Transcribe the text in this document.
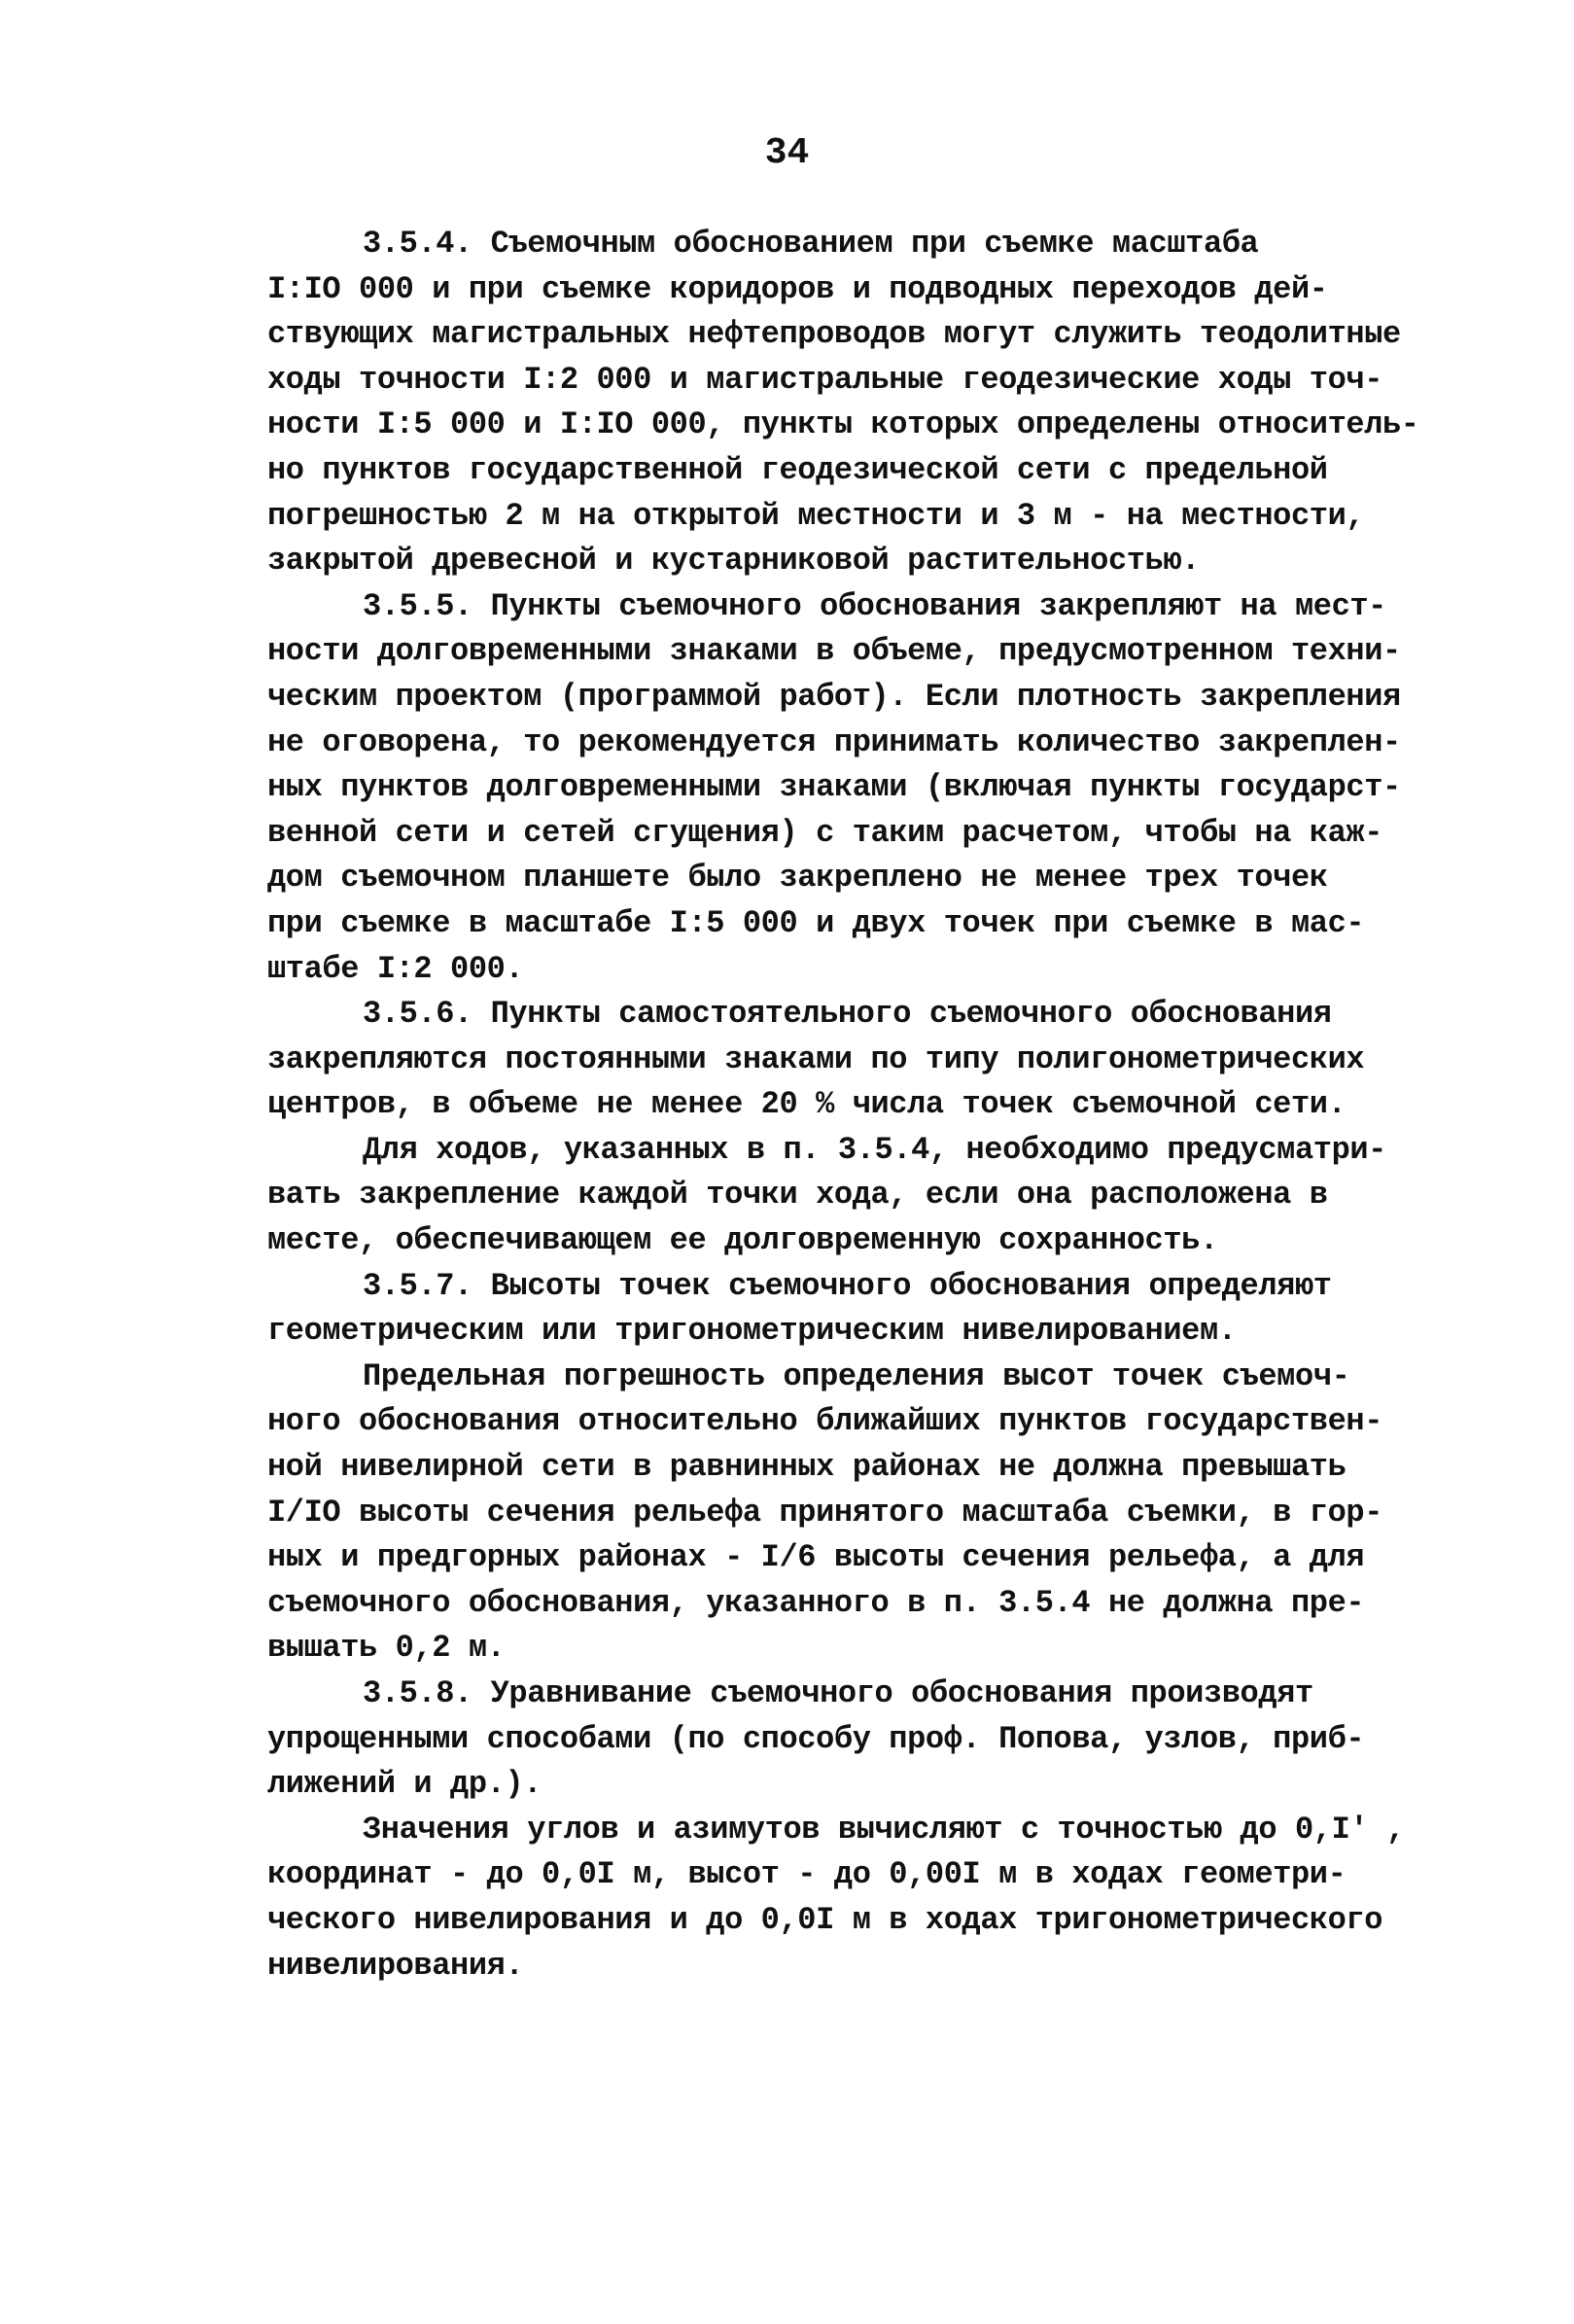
34
3.5.4. Съемочным обоснованием при съемке масштаба
I:IO 000 и при съемке коридоров и подводных переходов дей-
ствующих магистральных нефтепроводов могут служить теодолитные
ходы точности I:2 000 и магистральные геодезические ходы точ-
ности I:5 000 и I:IO 000, пункты которых определены относитель-
но пунктов государственной геодезической сети с предельной
погрешностью 2 м на открытой местности и 3 м - на местности,
закрытой древесной и кустарниковой растительностью.
3.5.5. Пункты съемочного обоснования закрепляют на мест-
ности долговременными знаками в объеме, предусмотренном техни-
ческим проектом (программой работ). Если плотность закрепления
не оговорена, то рекомендуется принимать количество закреплен-
ных пунктов долговременными знаками (включая пункты государст-
венной сети и сетей сгущения) с таким расчетом, чтобы на каж-
дом съемочном планшете было закреплено не менее трех точек
при съемке в масштабе I:5 000 и двух точек при съемке в мас-
штабе I:2 000.
3.5.6. Пункты самостоятельного съемочного обоснования
закрепляются постоянными знаками по типу полигонометрических
центров, в объеме не менее 20 % числа точек съемочной сети.
Для ходов, указанных в п. 3.5.4, необходимо предусматри-
вать закрепление каждой точки хода, если она расположена в
месте, обеспечивающем ее долговременную сохранность.
3.5.7. Высоты точек съемочного обоснования определяют
геометрическим или тригонометрическим нивелированием.
Предельная погрешность определения высот точек съемоч-
ного обоснования относительно ближайших пунктов государствен-
ной нивелирной сети в равнинных районах не должна превышать
I/IO высоты сечения рельефа принятого масштаба съемки, в гор-
ных и предгорных районах - I/6 высоты сечения рельефа, а для
съемочного обоснования, указанного в п. 3.5.4 не должна пре-
вышать 0,2 м.
3.5.8. Уравнивание съемочного обоснования производят
упрощенными способами (по способу проф. Попова, узлов, приб-
лижений и др.).
Значения углов и азимутов вычисляют с точностью до 0,I′ ,
координат - до 0,0I м, высот - до 0,00I м в ходах геометри-
ческого нивелирования и до 0,0I м в ходах тригонометрического
нивелирования.
